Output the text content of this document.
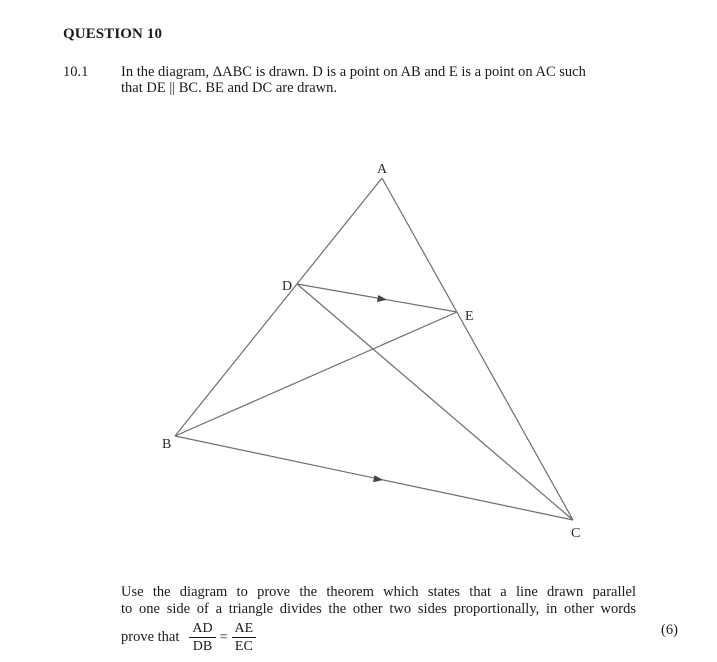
QUESTION 10
10.1 In the diagram, ΔABC is drawn. D is a point on AB and E is a point on AC such

that DE || BC. BE and DC are drawn.

A
B
C
D
E

Use the diagram to prove the theorem which states that a line drawn parallel

to one side of a triangle divides the other two sides proportionally, in other words

prove that $\frac{AD}{DB} = \frac{AE}{EC}$	(6)
